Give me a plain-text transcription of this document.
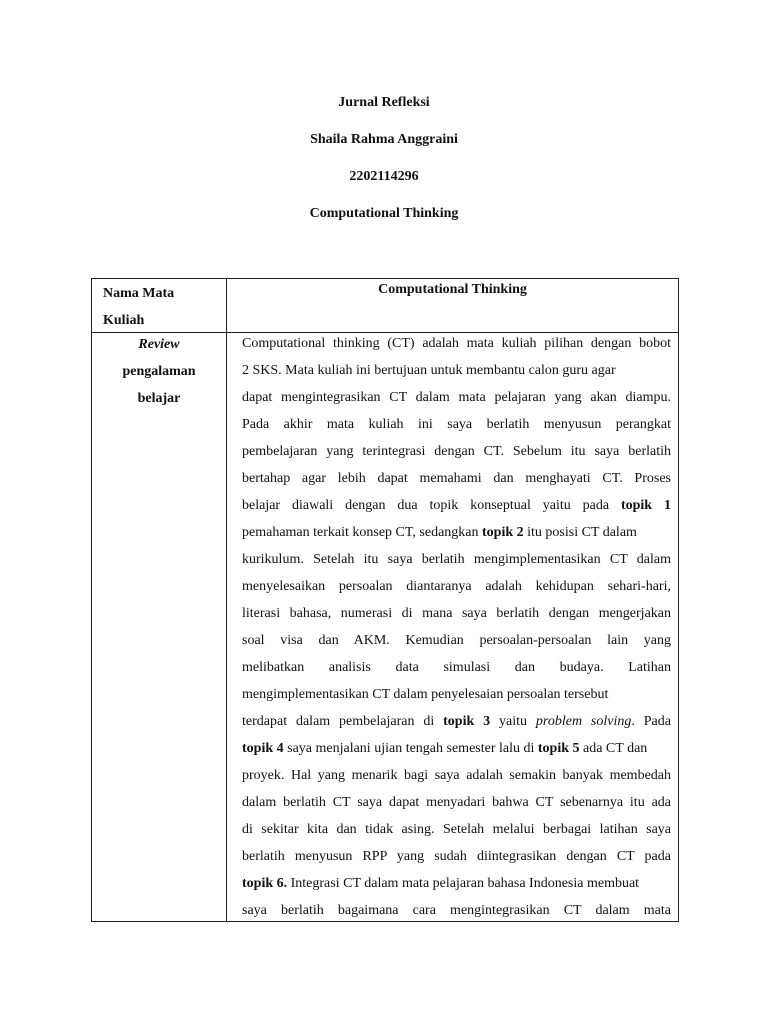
Jurnal Refleksi
Shaila Rahma Anggraini
2202114296
Computational Thinking
Nama Mata
Kuliah
Computational Thinking
Review
pengalaman
belajar
Computational thinking (CT) adalah mata kuliah pilihan dengan bobot
2 SKS. Mata kuliah ini bertujuan untuk membantu calon guru agar
dapat mengintegrasikan CT dalam mata pelajaran yang akan diampu.
Pada akhir mata kuliah ini saya berlatih menyusun perangkat
pembelajaran yang terintegrasi dengan CT. Sebelum itu saya berlatih
bertahap agar lebih dapat memahami dan menghayati CT. Proses
belajar diawali dengan dua topik konseptual yaitu pada topik 1
pemahaman terkait konsep CT, sedangkan topik 2 itu posisi CT dalam
kurikulum. Setelah itu saya berlatih mengimplementasikan CT dalam
menyelesaikan persoalan diantaranya adalah kehidupan sehari-hari,
literasi bahasa, numerasi di mana saya berlatih dengan mengerjakan
soal visa dan AKM. Kemudian persoalan-persoalan lain yang
melibatkan analisis data simulasi dan budaya. Latihan
mengimplementasikan CT dalam penyelesaian persoalan tersebut
terdapat dalam pembelajaran di topik 3 yaitu problem solving. Pada
topik 4 saya menjalani ujian tengah semester lalu di topik 5 ada CT dan
proyek. Hal yang menarik bagi saya adalah semakin banyak membedah
dalam berlatih CT saya dapat menyadari bahwa CT sebenarnya itu ada
di sekitar kita dan tidak asing. Setelah melalui berbagai latihan saya
berlatih menyusun RPP yang sudah diintegrasikan dengan CT pada
topik 6. Integrasi CT dalam mata pelajaran bahasa Indonesia membuat
saya berlatih bagaimana cara mengintegrasikan CT dalam mata
